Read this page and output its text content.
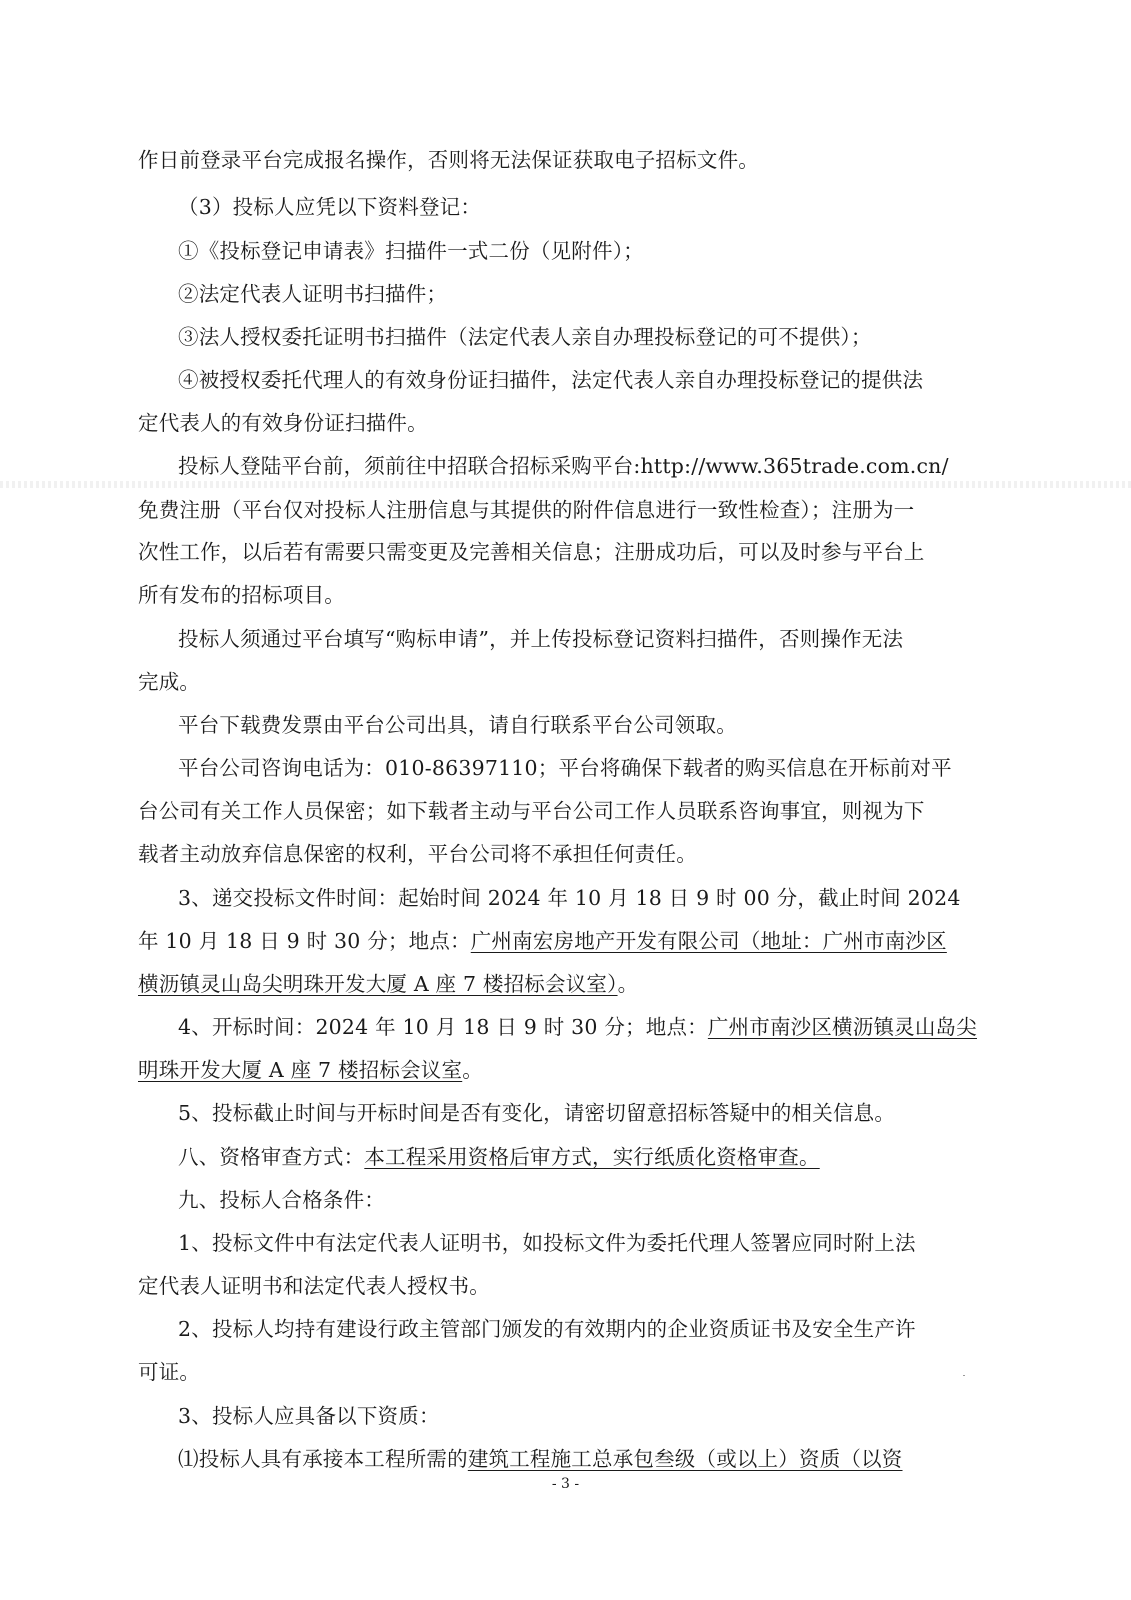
作日前登录平台完成报名操作，否则将无法保证获取电子招标文件。
（3）投标人应凭以下资料登记：
①《投标登记申请表》扫描件一式二份（见附件）；
②法定代表人证明书扫描件；
③法人授权委托证明书扫描件（法定代表人亲自办理投标登记的可不提供）；
④被授权委托代理人的有效身份证扫描件，法定代表人亲自办理投标登记的提供法
定代表人的有效身份证扫描件。
投标人登陆平台前，须前往中招联合招标采购平台:http://www.365trade.com.cn/
免费注册（平台仅对投标人注册信息与其提供的附件信息进行一致性检查）；注册为一
次性工作，以后若有需要只需变更及完善相关信息；注册成功后，可以及时参与平台上
所有发布的招标项目。
投标人须通过平台填写“购标申请”，并上传投标登记资料扫描件，否则操作无法
完成。
平台下载费发票由平台公司出具，请自行联系平台公司领取。
平台公司咨询电话为：010-86397110；平台将确保下载者的购买信息在开标前对平
台公司有关工作人员保密；如下载者主动与平台公司工作人员联系咨询事宜，则视为下
载者主动放弃信息保密的权利，平台公司将不承担任何责任。
3、递交投标文件时间：起始时间 2024 年 10 月 18 日 9 时 00 分，截止时间 2024
年 10 月 18 日 9 时 30 分；地点：广州南宏房地产开发有限公司（地址：广州市南沙区
横沥镇灵山岛尖明珠开发大厦 A 座 7 楼招标会议室）。
4、开标时间：2024 年 10 月 18 日 9 时 30 分；地点：广州市南沙区横沥镇灵山岛尖
明珠开发大厦 A 座 7 楼招标会议室。
5、投标截止时间与开标时间是否有变化，请密切留意招标答疑中的相关信息。
八、资格审查方式：本工程采用资格后审方式，实行纸质化资格审查。
九、投标人合格条件：
1、投标文件中有法定代表人证明书，如投标文件为委托代理人签署应同时附上法
定代表人证明书和法定代表人授权书。
2、投标人均持有建设行政主管部门颁发的有效期内的企业资质证书及安全生产许
可证。
3、投标人应具备以下资质：
⑴投标人具有承接本工程所需的建筑工程施工总承包叁级（或以上）资质（以资
- 3 -
